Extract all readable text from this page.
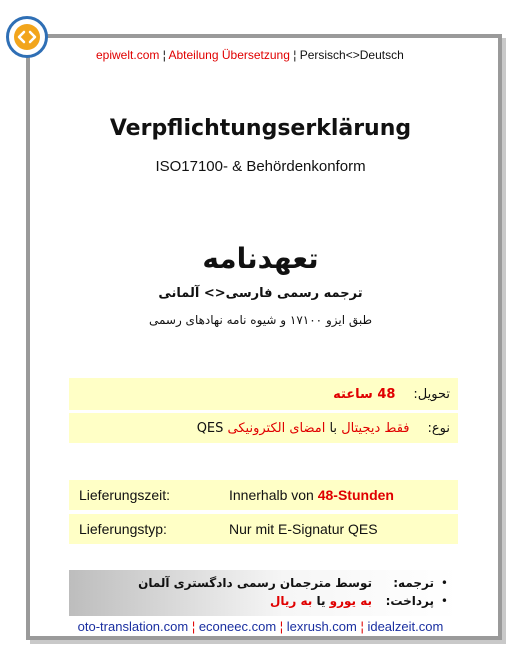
epiwelt.com ¦ Abteilung Übersetzung ¦ Persisch<>Deutsch
Verpflichtungserklärung
ISO17100- & Behördenkonform
تعهدنامه
ترجمه رسمی فارسی<> آلمانی
طبق ایزو ۱۷۱۰۰ و شیوه نامه نهادهای رسمی
تحویل:
48 ساعته
نوع:
فقط دیجیتال
با
امضای الکترونیکی
QES
Lieferungszeit:	Innerhalb von 48-Stunden
Lieferungstyp:	Nur mit E-Signatur QES
•
ترجمه:
توسط مترجمان رسمی دادگستری آلمان
•
پرداخت:
به یورو
یا
به ریال
oto-translation.com ¦ econeec.com ¦ lexrush.com ¦ idealzeit.com
